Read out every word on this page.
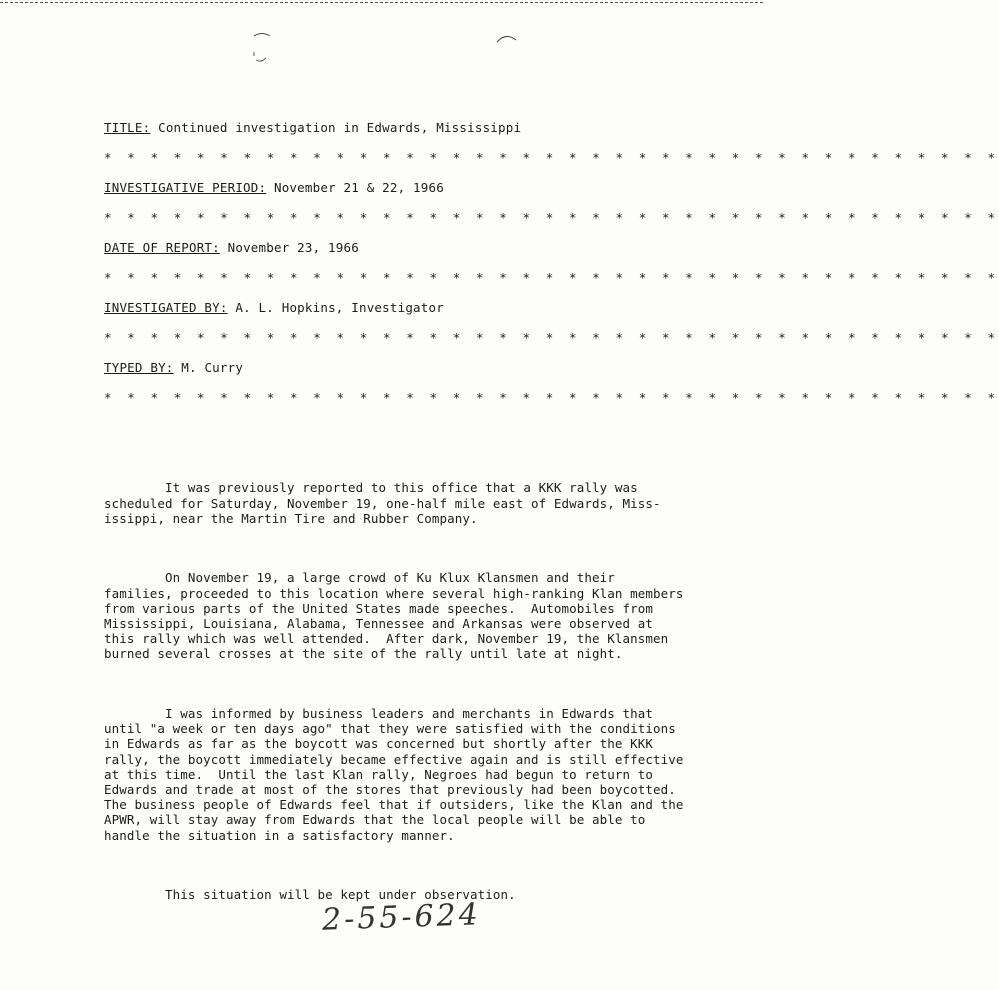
TITLE: Continued investigation in Edwards, Mississippi
* * * * * * * * * * * * * * * * * * * * * * * * * * * * * * * * * * * * * * *
INVESTIGATIVE PERIOD: November 21 & 22, 1966
* * * * * * * * * * * * * * * * * * * * * * * * * * * * * * * * * * * * * * *
DATE OF REPORT: November 23, 1966
* * * * * * * * * * * * * * * * * * * * * * * * * * * * * * * * * * * * * * *
INVESTIGATED BY: A. L. Hopkins, Investigator
* * * * * * * * * * * * * * * * * * * * * * * * * * * * * * * * * * * * * * *
TYPED BY: M. Curry
* * * * * * * * * * * * * * * * * * * * * * * * * * * * * * * * * * * * * * *

It was previously reported to this office that a KKK rally was
scheduled for Saturday, November 19, one-half mile east of Edwards, Miss-
issippi, near the Martin Tire and Rubber Company.

On November 19, a large crowd of Ku Klux Klansmen and their
families, proceeded to this location where several high-ranking Klan members
from various parts of the United States made speeches.  Automobiles from
Mississippi, Louisiana, Alabama, Tennessee and Arkansas were observed at
this rally which was well attended.  After dark, November 19, the Klansmen
burned several crosses at the site of the rally until late at night.

I was informed by business leaders and merchants in Edwards that
until "a week or ten days ago" that they were satisfied with the conditions
in Edwards as far as the boycott was concerned but shortly after the KKK
rally, the boycott immediately became effective again and is still effective
at this time.  Until the last Klan rally, Negroes had begun to return to
Edwards and trade at most of the stores that previously had been boycotted.
The business people of Edwards feel that if outsiders, like the Klan and the
APWR, will stay away from Edwards that the local people will be able to
handle the situation in a satisfactory manner.

This situation will be kept under observation.

2-55-624
